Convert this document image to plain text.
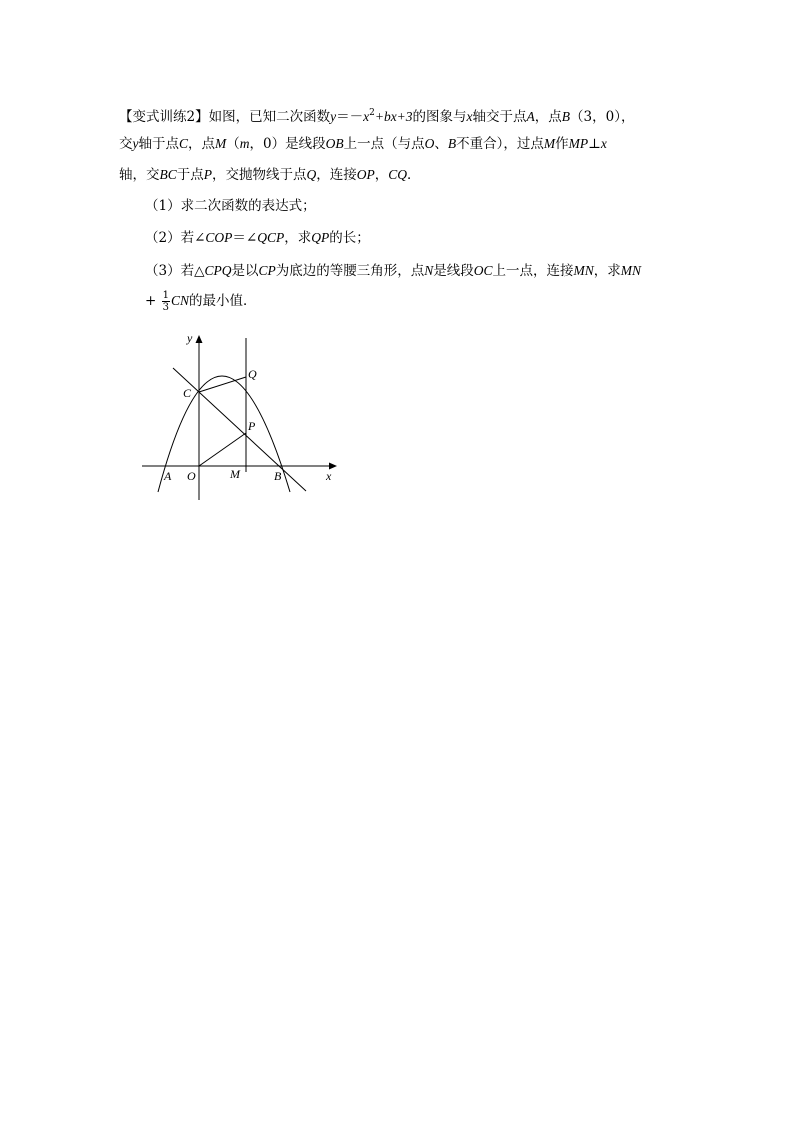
【变式训练2】如图，已知二次函数$y=-x^2+bx+3$的图象与x轴交于点A，点B（3，0），
交y轴于点C，点M（m，0）是线段OB上一点（与点O、B不重合），过点M作MP⊥x
轴，交BC于点P，交抛物线于点Q，连接OP，CQ．
（1）求二次函数的表达式；
（2）若∠COP＝∠QCP，求QP的长；
（3）若△CPQ是以CP为底边的等腰三角形，点N是线段OC上一点，连接MN，求MN
+ $\frac{1}{3}$ CN的最小值．
y
x
O
A	B
M
C
P
Q
